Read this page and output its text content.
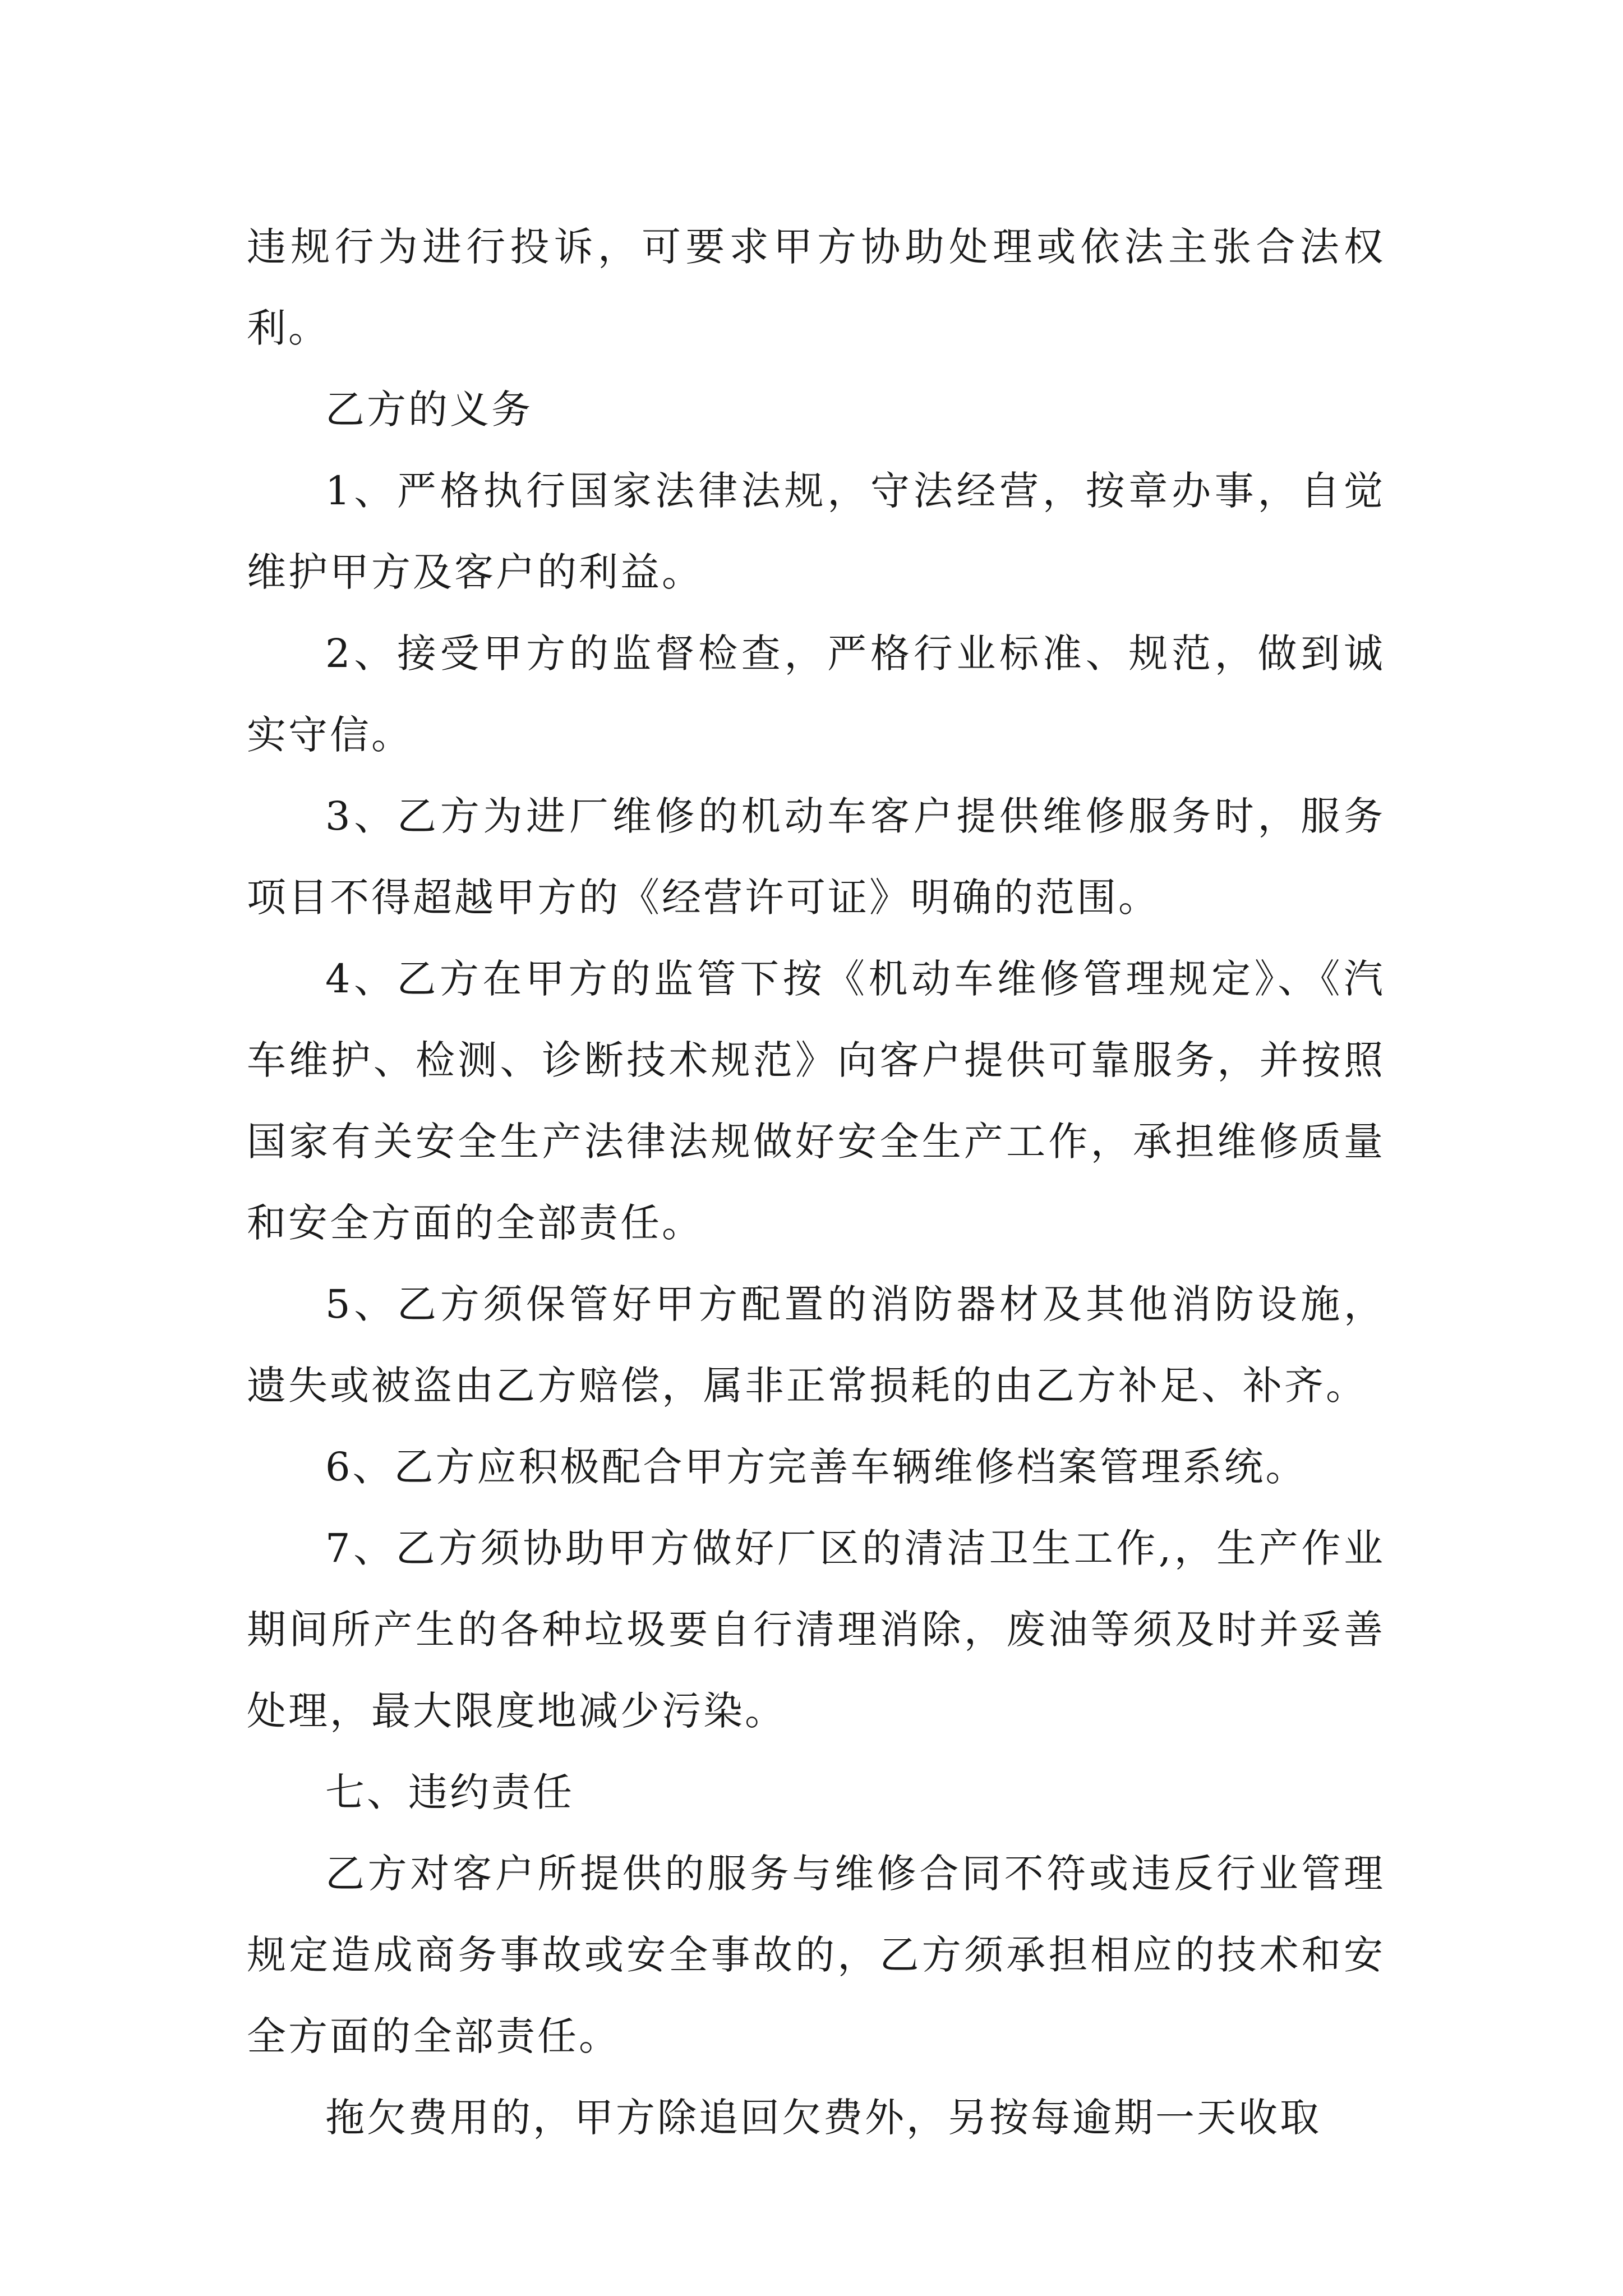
违规行为进行投诉，可要求甲方协助处理或依法主张合法权利。

乙方的义务

1、严格执行国家法律法规，守法经营，按章办事，自觉维护甲方及客户的利益。

2、接受甲方的监督检查，严格行业标准、规范，做到诚实守信。

3、乙方为进厂维修的机动车客户提供维修服务时，服务项目不得超越甲方的《经营许可证》明确的范围。

4、乙方在甲方的监管下按《机动车维修管理规定》、《汽车维护、检测、诊断技术规范》向客户提供可靠服务，并按照国家有关安全生产法律法规做好安全生产工作，承担维修质量和安全方面的全部责任。

5、乙方须保管好甲方配置的消防器材及其他消防设施，遗失或被盗由乙方赔偿，属非正常损耗的由乙方补足、补齐。

6、乙方应积极配合甲方完善车辆维修档案管理系统。

7、乙方须协助甲方做好厂区的清洁卫生工作,，生产作业期间所产生的各种垃圾要自行清理消除，废油等须及时并妥善处理，最大限度地减少污染。

七、违约责任

乙方对客户所提供的服务与维修合同不符或违反行业管理规定造成商务事故或安全事故的，乙方须承担相应的技术和安全方面的全部责任。

拖欠费用的，甲方除追回欠费外，另按每逾期一天收取
